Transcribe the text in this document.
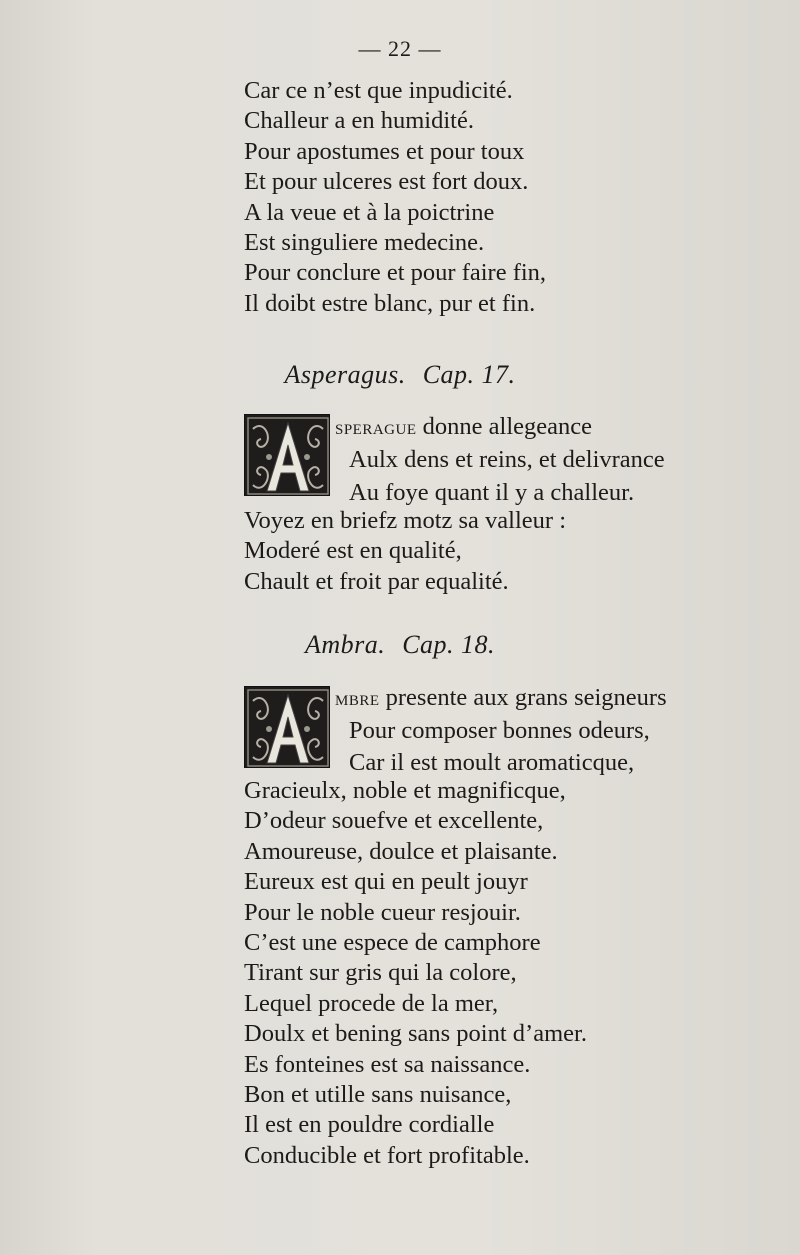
— 22 —
Car ce n’est que inpudicité.
Challeur a en humidité.
Pour apostumes et pour toux
Et pour ulceres est fort doux.
A la veue et à la poictrine
Est singuliere medecine.
Pour conclure et pour faire fin,
Il doibt estre blanc, pur et fin.
Asperagus. Cap. 17.
sperague donne allegeance
Aulx dens et reins, et delivrance
Au foye quant il y a challeur.
Voyez en briefz motz sa valleur :
Moderé est en qualité,
Chault et froit par equalité.
Ambra. Cap. 18.
mbre presente aux grans seigneurs
Pour composer bonnes odeurs,
Car il est moult aromaticque,
Gracieulx, noble et magnificque,
D’odeur souefve et excellente,
Amoureuse, doulce et plaisante.
Eureux est qui en peult jouyr
Pour le noble cueur resjouir.
C’est une espece de camphore
Tirant sur gris qui la colore,
Lequel procede de la mer,
Doulx et bening sans point d’amer.
Es fonteines est sa naissance.
Bon et utille sans nuisance,
Il est en pouldre cordialle
Conducible et fort profitable.
